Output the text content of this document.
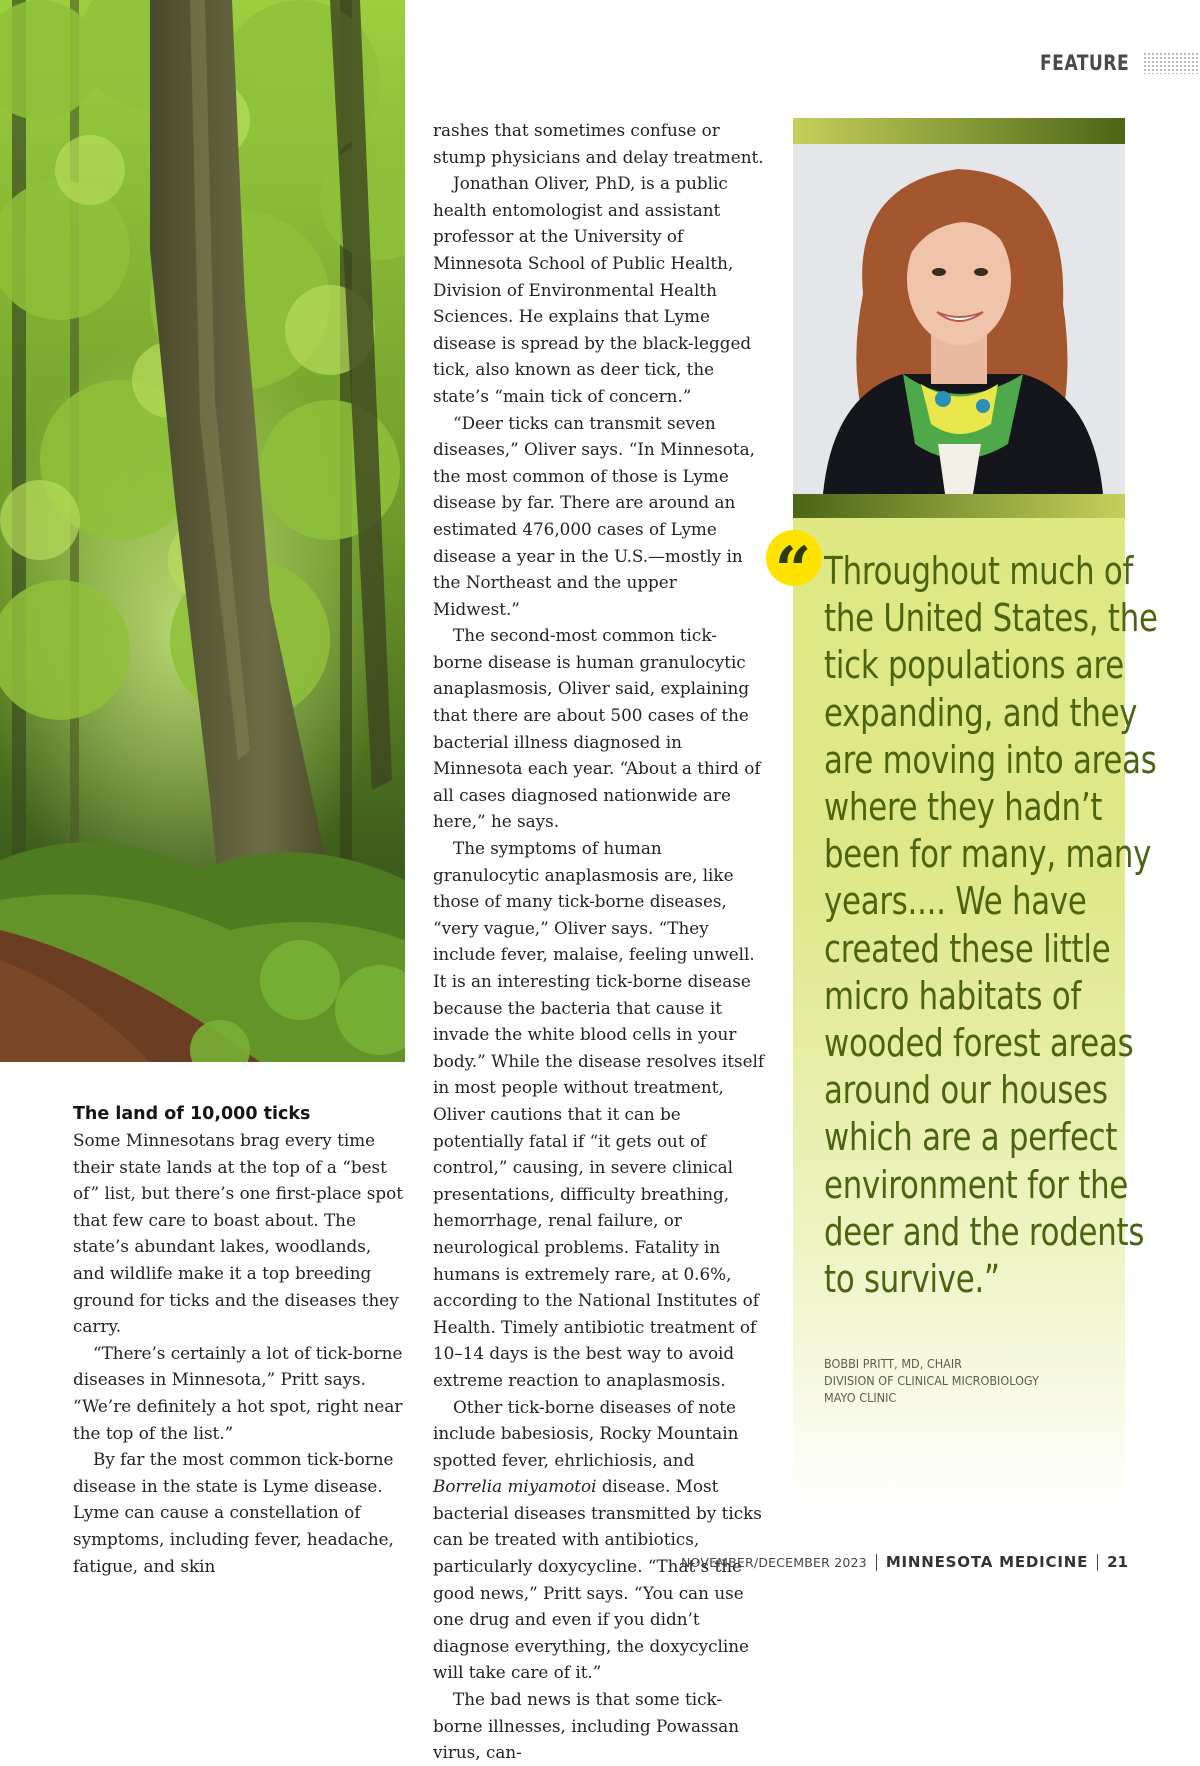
FEATURE
The land of 10,000 ticks

Some Minnesotans brag every time their state lands at the top of a “best of” list, but there’s one first-place spot that few care to boast about. The state’s abundant lakes, woodlands, and wildlife make it a top breeding ground for ticks and the diseases they carry.

“There’s certainly a lot of tick-borne diseases in Minnesota,” Pritt says. “We’re definitely a hot spot, right near the top of the list.”

By far the most common tick-borne disease in the state is Lyme disease. Lyme can cause a constellation of symptoms, including fever, headache, fatigue, and skin

rashes that sometimes confuse or stump physicians and delay treatment.

Jonathan Oliver, PhD, is a public health entomologist and assistant professor at the University of Minnesota School of Public Health, Division of Environmental Health Sciences. He explains that Lyme disease is spread by the black-legged tick, also known as deer tick, the state’s “main tick of concern.”

“Deer ticks can transmit seven diseases,” Oliver says. “In Minnesota, the most common of those is Lyme disease by far. There are around an estimated 476,000 cases of Lyme disease a year in the U.S.—mostly in the Northeast and the upper Midwest.”

The second-most common tick-borne disease is human granulocytic anaplasmosis, Oliver said, explaining that there are about 500 cases of the bacterial illness diagnosed in Minnesota each year. “About a third of all cases diagnosed nationwide are here,” he says.

The symptoms of human granulocytic anaplasmosis are, like those of many tick-borne diseases, “very vague,” Oliver says. “They include fever, malaise, feeling unwell. It is an interesting tick-borne disease because the bacteria that cause it invade the white blood cells in your body.” While the disease resolves itself in most people without treatment, Oliver cautions that it can be potentially fatal if “it gets out of control,” causing, in severe clinical presentations, difficulty breathing, hemorrhage, renal failure, or neurological problems. Fatality in humans is extremely rare, at 0.6%, according to the National Institutes of Health. Timely antibiotic treatment of 10–14 days is the best way to avoid extreme reaction to anaplasmosis.

Other tick-borne diseases of note include babesiosis, Rocky Mountain spotted fever, ehrlichiosis, and Borrelia miyamotoi disease. Most bacterial diseases transmitted by ticks can be treated with antibiotics, particularly doxycycline. “That’s the good news,” Pritt says. “You can use one drug and even if you didn’t diagnose everything, the doxycycline will take care of it.”

The bad news is that some tick-borne illnesses, including Powassan virus, can-

“ Throughout much of the United States, the tick populations are expanding, and they are moving into areas where they hadn’t been for many, many years.... We have created these little micro habitats of wooded forest areas around our houses which are a perfect environment for the deer and the rodents to survive.”
BOBBI PRITT, MD, CHAIR
DIVISION OF CLINICAL MICROBIOLOGY
MAYO CLINIC
NOVEMBER/DECEMBER 2023 MINNESOTA MEDICINE 21
